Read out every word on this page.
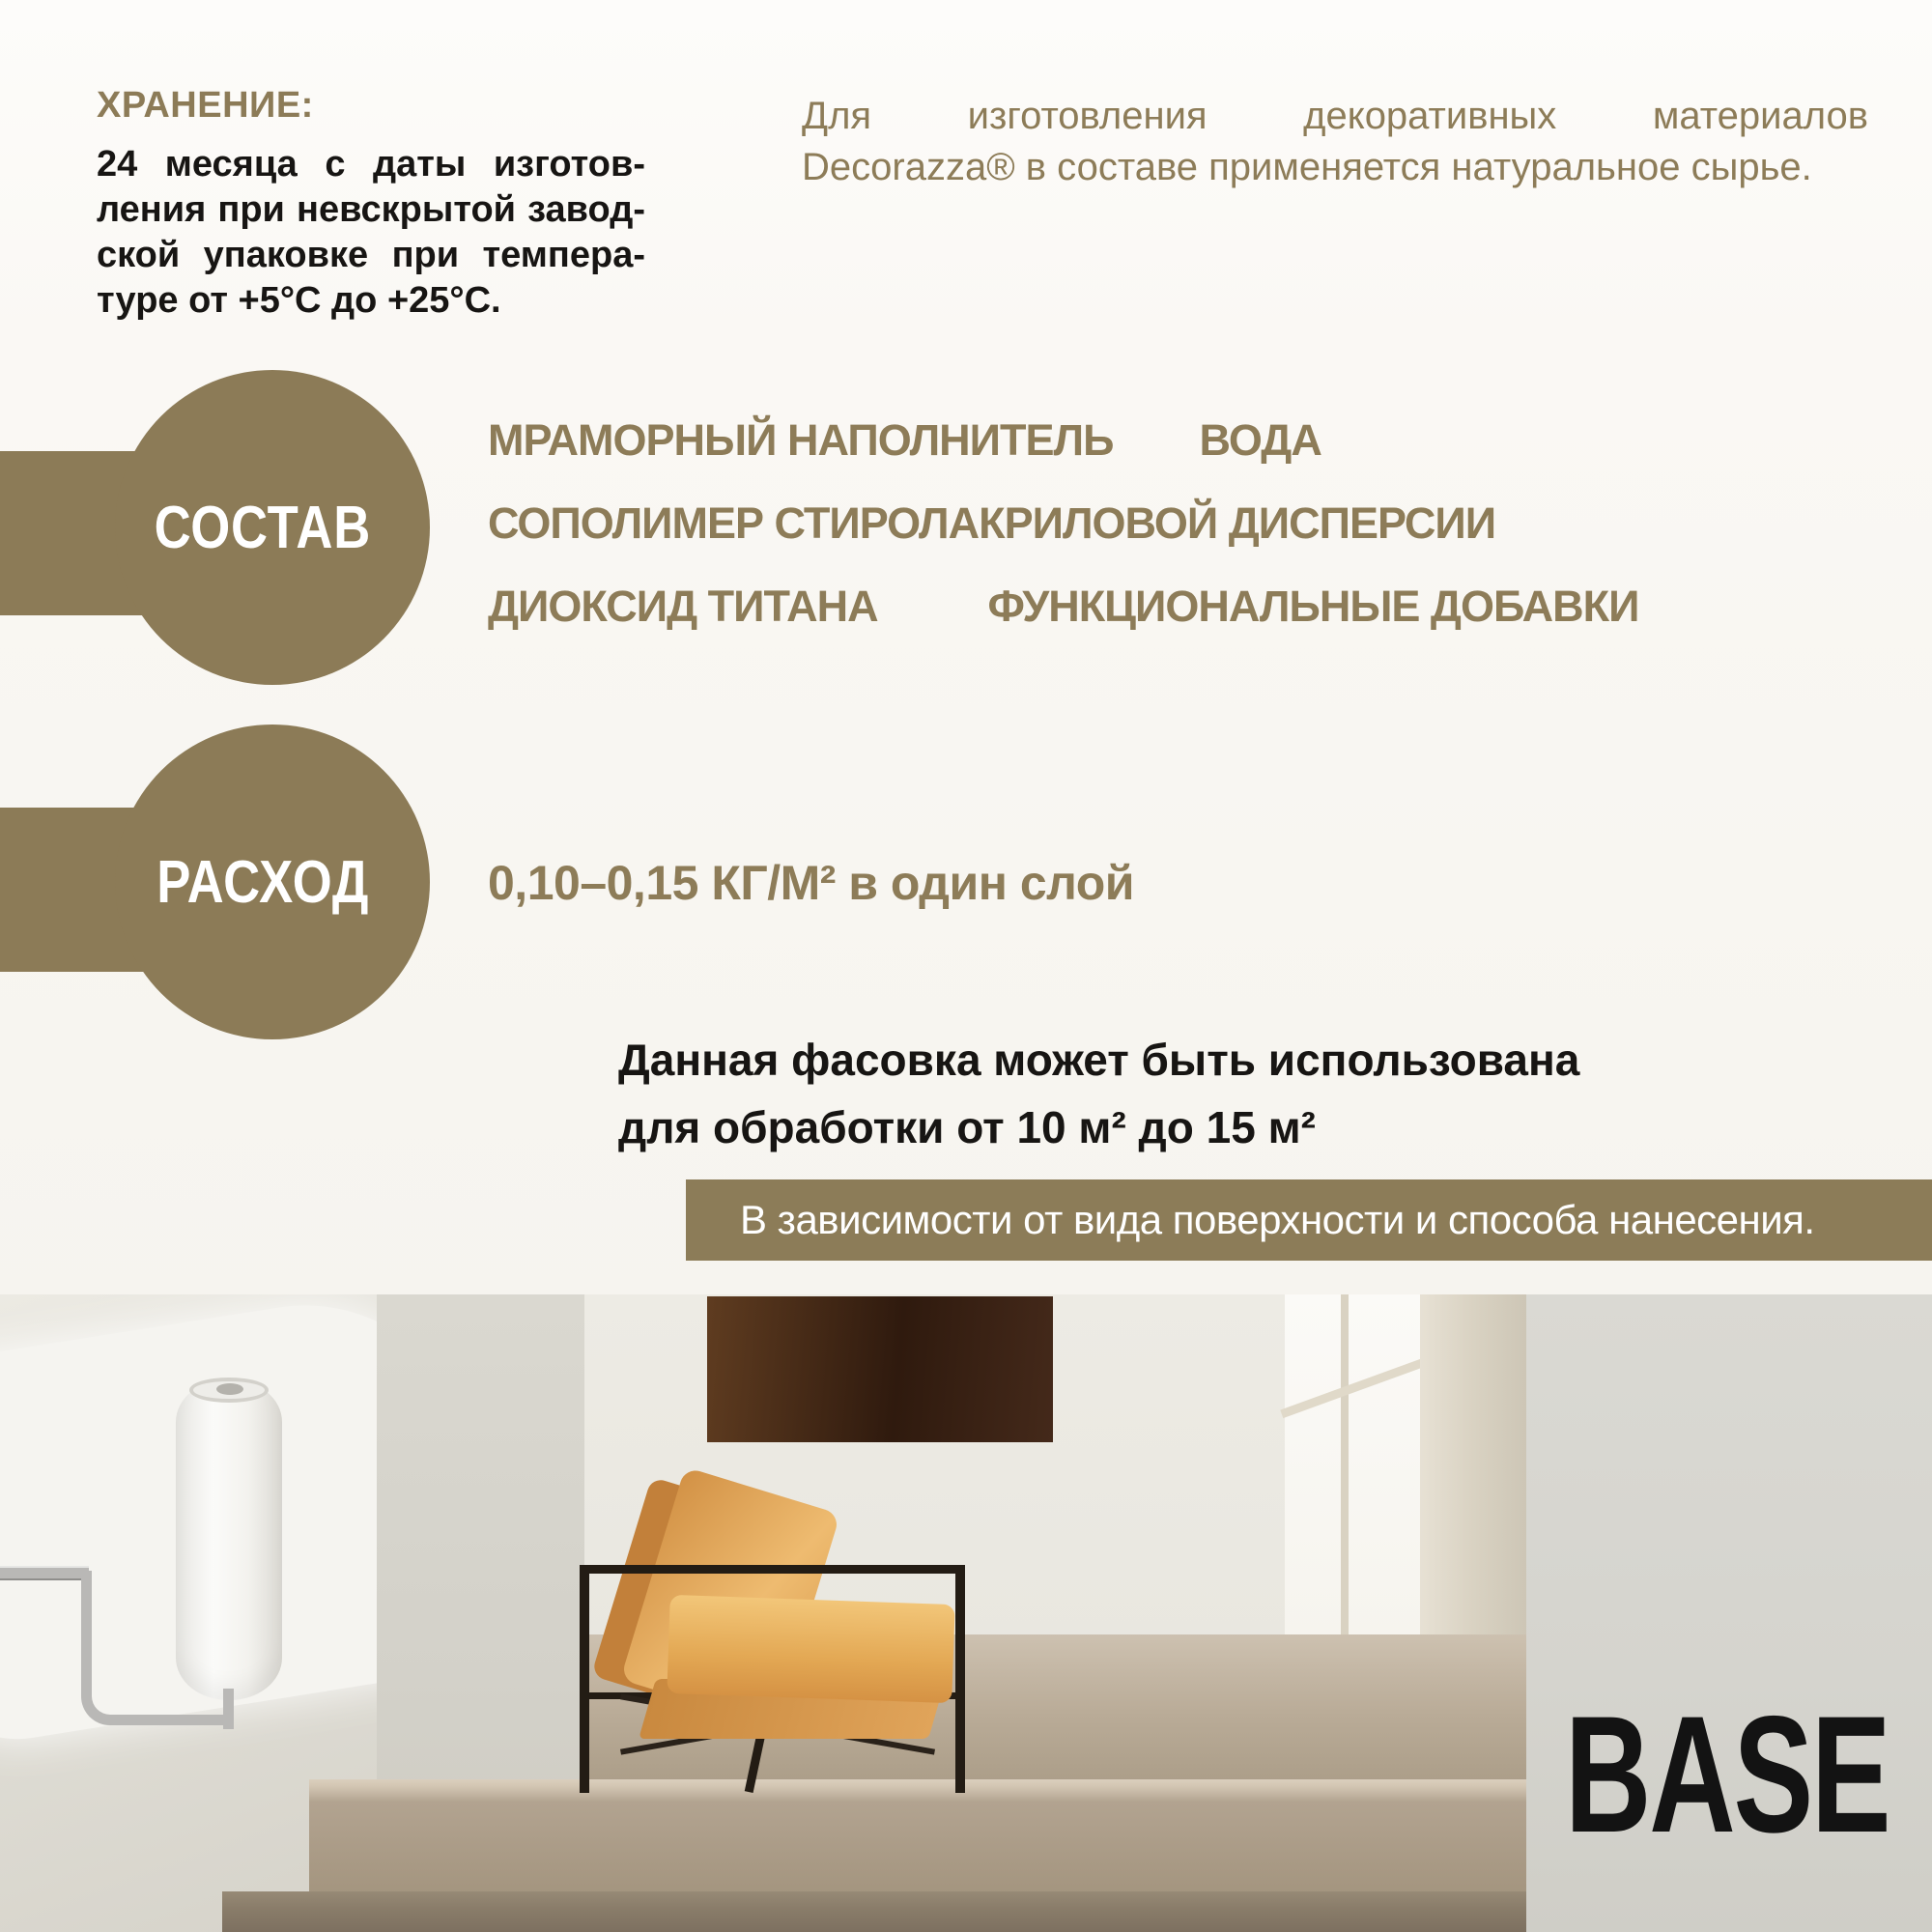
ХРАНЕНИЕ:
24 месяца с даты изготов-
ления при невскрытой завод-
ской упаковке при темпера-
туре от +5°С до +25°С.
Для изготовления декоративных материалов
Decorazza® в составе применяется натуральное сырье.
СОСТАВ
МРАМОРНЫЙ НАПОЛНИТЕЛЬ ВОДА
СОПОЛИМЕР СТИРОЛАКРИЛОВОЙ ДИСПЕРСИИ
ДИОКСИД ТИТАНА	ФУНКЦИОНАЛЬНЫЕ ДОБАВКИ
РАСХОД 0,10–0,15 КГ/М² в один слой
Данная фасовка может быть использована
для обработки от 10 м² до 15 м²
В зависимости от вида поверхности и способа нанесения.
BASE
